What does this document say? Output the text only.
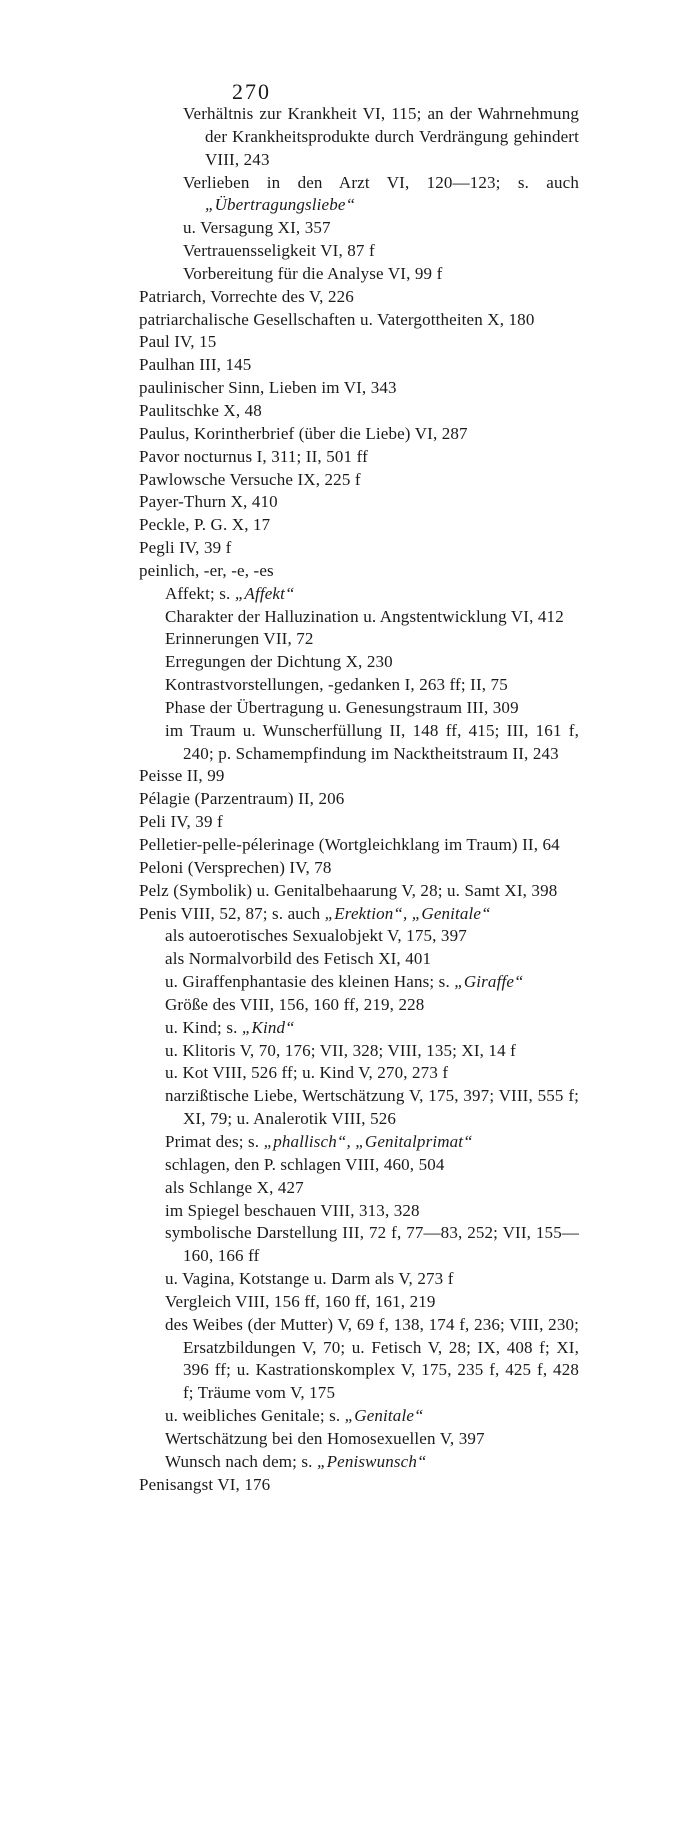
270
Verhältnis zur Krankheit VI, 115; an der Wahrnehmung der Krankheitsprodukte durch Verdrängung gehindert VIII, 243
Verlieben in den Arzt VI, 120—123; s. auch „Übertragungsliebe“
u. Versagung XI, 357
Vertrauensseligkeit VI, 87 f
Vorbereitung für die Analyse VI, 99 f
Patriarch, Vorrechte des V, 226
patriarchalische Gesellschaften u. Vatergottheiten X, 180
Paul IV, 15
Paulhan III, 145
paulinischer Sinn, Lieben im VI, 343
Paulitschke X, 48
Paulus, Korintherbrief (über die Liebe) VI, 287
Pavor nocturnus I, 311; II, 501 ff
Pawlowsche Versuche IX, 225 f
Payer-Thurn X, 410
Peckle, P. G. X, 17
Pegli IV, 39 f
peinlich, -er, -e, -es
Affekt; s. „Affekt“
Charakter der Halluzination u. Angstentwicklung VI, 412
Erinnerungen VII, 72
Erregungen der Dichtung X, 230
Kontrastvorstellungen, -gedanken I, 263 ff; II, 75
Phase der Übertragung u. Genesungstraum III, 309
im Traum u. Wunscherfüllung II, 148 ff, 415; III, 161 f, 240; p. Schamempfindung im Nacktheitstraum II, 243
Peisse II, 99
Pélagie (Parzentraum) II, 206
Peli IV, 39 f
Pelletier-pelle-pélerinage (Wortgleichklang im Traum) II, 64
Peloni (Versprechen) IV, 78
Pelz (Symbolik) u. Genitalbehaarung V, 28; u. Samt XI, 398
Penis VIII, 52, 87; s. auch „Erektion“, „Genitale“
als autoerotisches Sexualobjekt V, 175, 397
als Normalvorbild des Fetisch XI, 401
u. Giraffenphantasie des kleinen Hans; s. „Giraffe“
Größe des VIII, 156, 160 ff, 219, 228
u. Kind; s. „Kind“
u. Klitoris V, 70, 176; VII, 328; VIII, 135; XI, 14 f
u. Kot VIII, 526 ff; u. Kind V, 270, 273 f
narzißtische Liebe, Wertschätzung V, 175, 397; VIII, 555 f; XI, 79; u. Analerotik VIII, 526
Primat des; s. „phallisch“, „Genitalprimat“
schlagen, den P. schlagen VIII, 460, 504
als Schlange X, 427
im Spiegel beschauen VIII, 313, 328
symbolische Darstellung III, 72 f, 77—83, 252; VII, 155—160, 166 ff
u. Vagina, Kotstange u. Darm als V, 273 f
Vergleich VIII, 156 ff, 160 ff, 161, 219
des Weibes (der Mutter) V, 69 f, 138, 174 f, 236; VIII, 230; Ersatzbildungen V, 70; u. Fetisch V, 28; IX, 408 f; XI, 396 ff; u. Kastrationskomplex V, 175, 235 f, 425 f, 428 f; Träume vom V, 175
u. weibliches Genitale; s. „Genitale“
Wertschätzung bei den Homosexuellen V, 397
Wunsch nach dem; s. „Peniswunsch“
Penisangst VI, 176
